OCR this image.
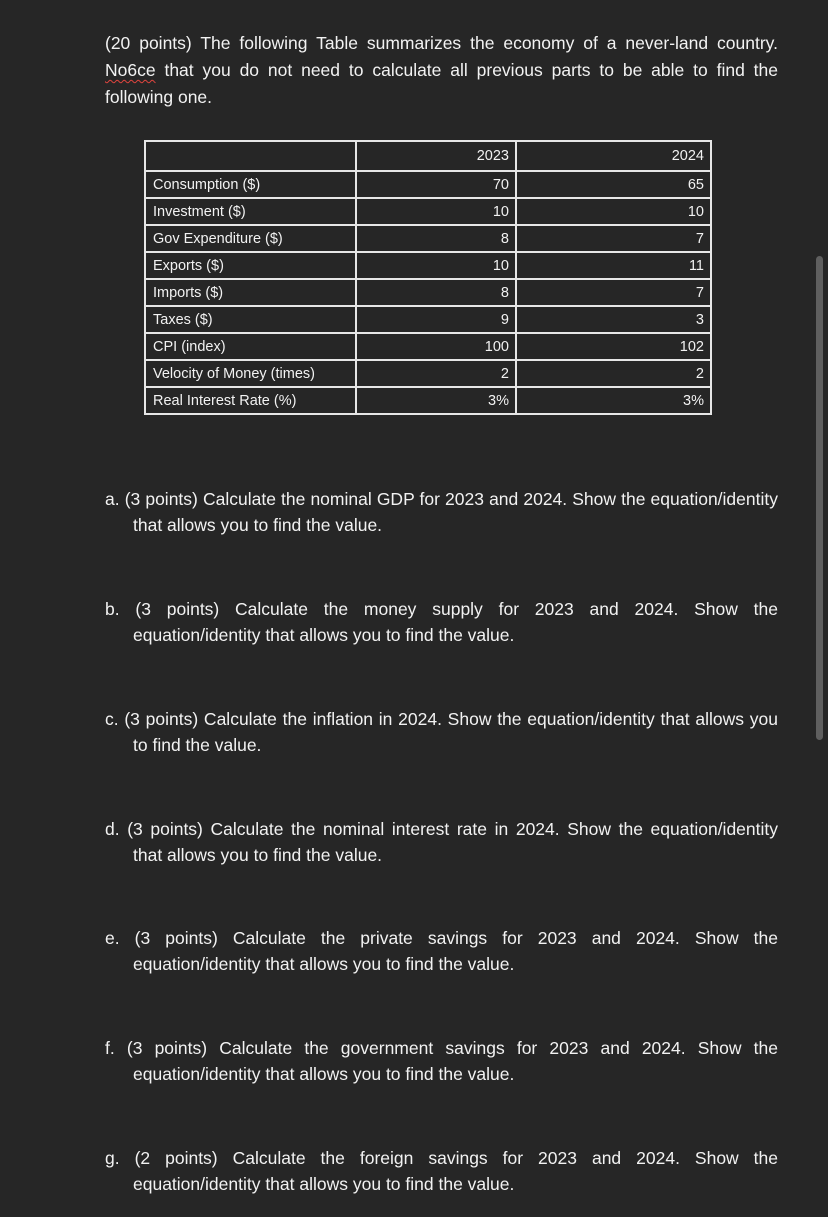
(20 points) The following Table summarizes the economy of a never-land country. No6ce that you do not need to calculate all previous parts to be able to find the following one.

	2023	2024
Consumption ($)	70	65
Investment ($)	10	10
Gov Expenditure ($)	8	7
Exports ($)	10	11
Imports ($)	8	7
Taxes ($)	9	3
CPI (index)	100	102
Velocity of Money (times)	2	2
Real Interest Rate (%)	3%	3%

a. (3 points) Calculate the nominal GDP for 2023 and 2024. Show the equation/identity that allows you to find the value.

b. (3 points) Calculate the money supply for 2023 and 2024. Show the equation/identity that allows you to find the value.

c. (3 points) Calculate the inflation in 2024. Show the equation/identity that allows you to find the value.

d. (3 points) Calculate the nominal interest rate in 2024. Show the equation/identity that allows you to find the value.

e. (3 points) Calculate the private savings for 2023 and 2024. Show the equation/identity that allows you to find the value.

f. (3 points) Calculate the government savings for 2023 and 2024. Show the equation/identity that allows you to find the value.

g. (2 points) Calculate the foreign savings for 2023 and 2024. Show the equation/identity that allows you to find the value.
